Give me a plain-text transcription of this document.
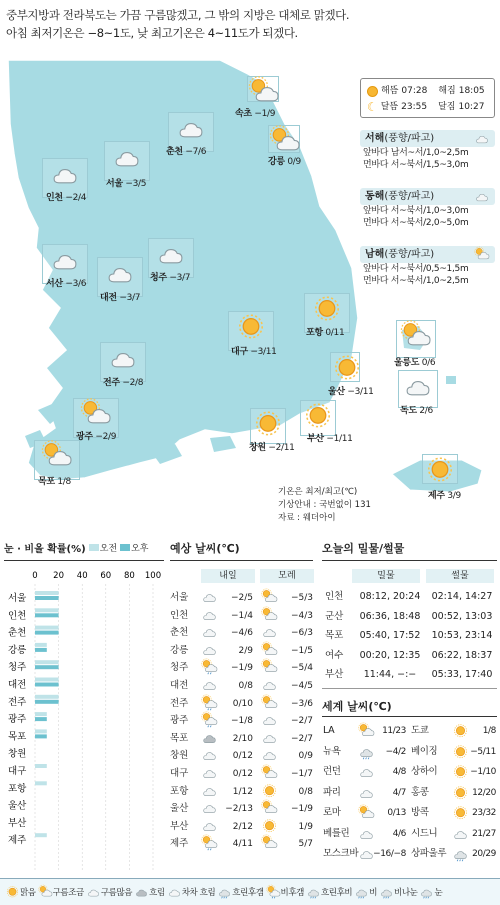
중부지방과 전라북도는 가끔 구름많겠고, 그 밖의 지방은 대체로 맑겠다.
아침 최저기온은 −8~1도, 낮 최고기온은 4~11도가 되겠다.
속초 −1/9
춘천 −7/6
강릉 0/9
서울 −3/5
인천 −2/4
청주 −3/7
서산 −3/6
대전 −3/7
포항 0/11
대구 −3/11
울릉도 0/6
전주 −2/8
울산 −3/11
독도 2/6
광주 −2/9	부산 −1/11
창원 −2/11
목포 1/8
제주 3/9
해뜸 07:28 해짐 18:05
☾ 달뜸 23:55 달짐 10:27
서해(풍향/파고)
앞바다 남서~서/1,0~2,5m
먼바다 서~북서/1,5~3,0m
동해(풍향/파고)
앞바다 서~북서/1,0~3,0m
먼바다 서~북서/2,0~5,0m
남해(풍향/파고)
앞바다 서~북서/0,5~1,5m
먼바다 서~북서/1,0~2,5m
기온은 최저/최고(℃)
기상안내 : 국번없이 131
자료 : 웨더아이
눈 · 비올 확률(%) 오전 오후
0 20 40 60 80 100
서울
인천
춘천
강릉
청주
대전
전주
광주
목포
창원
대구
포항
울산
부산
제주
예상 날씨(℃)
내일	모레
서울	−2/5	−5/3
인천	−1/4	−4/3
춘천	−4/6	−6/3
강릉	2/9	−1/5
청주	−1/9	−5/4
대전	0/8	−4/5
전주	0/10	−3/6
광주	−1/8	−2/7
목포	2/10	−2/7
창원	0/12	0/9
대구	0/12	−1/7
포항	1/12	0/8
울산	−2/13	−1/9
부산	2/12	1/9
제주	4/11	5/7
오늘의 밀물/썰물
밀물	썰물
인천	08:12, 20:24	02:14, 14:27
군산	06:36, 18:48	00:52, 13:03
목포	05:40, 17:52	10:53, 23:14
여수	00:20, 12:35	06:22, 18:37
부산	11:44, −:−	05:33, 17:40
세계 날씨(℃)
LA	11/23 도쿄	1/8
뉴욕	−4/2 베이징	−5/11
런던	4/8 상하이	−1/10
파리	4/7 홍콩	12/20
로마	0/13 방콕	23/32
베를린	4/6 시드니	21/27
모스크바 −16/−8 상파울루	20/29
맑음 구름조금 구름많음 흐림 차차 흐림 흐린후갬 비후갬 흐린후비 비 비나눈 눈
